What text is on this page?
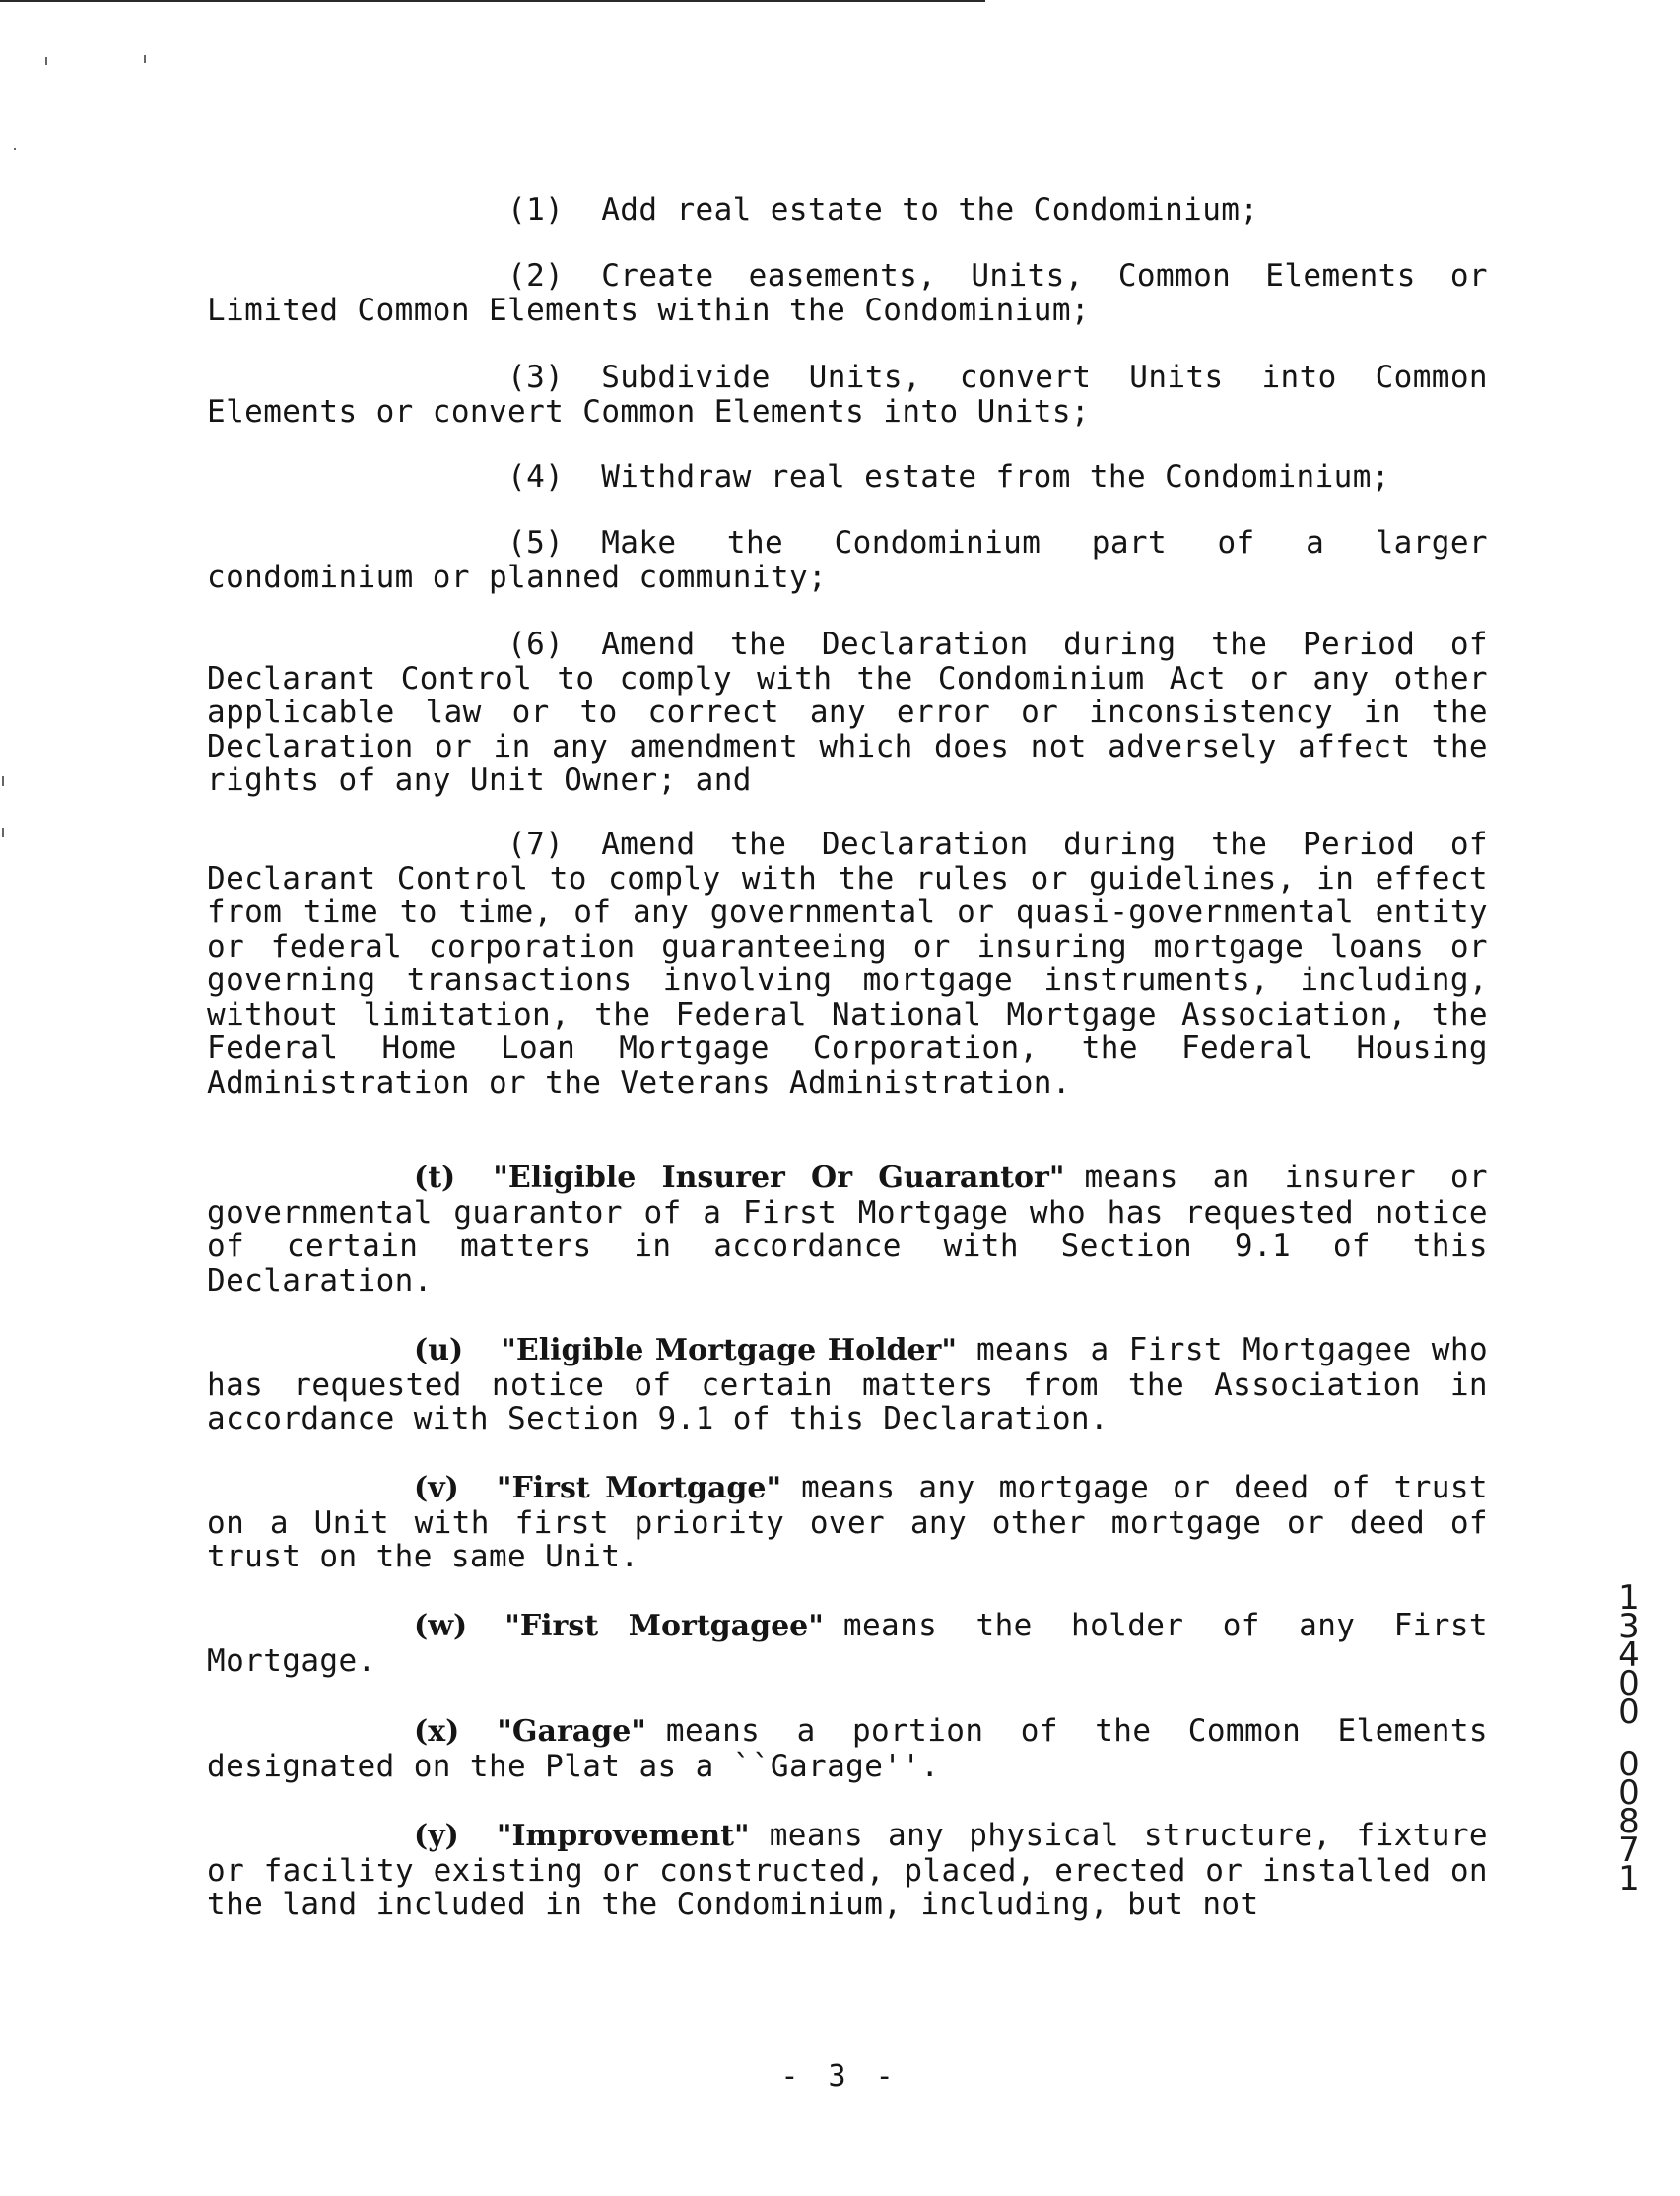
(1) Add real estate to the Condominium;

(2) Create easements, Units, Common Elements or Limited Common Elements within the Condominium;

(3) Subdivide Units, convert Units into Common Elements or convert Common Elements into Units;

(4) Withdraw real estate from the Condominium;

(5) Make the Condominium part of a larger condominium or planned community;

(6) Amend the Declaration during the Period of Declarant Control to comply with the Condominium Act or any other applicable law or to correct any error or inconsistency in the Declaration or in any amendment which does not adversely affect the rights of any Unit Owner; and

(7) Amend the Declaration during the Period of Declarant Control to comply with the rules or guidelines, in effect from time to time, of any governmental or quasi-governmental entity or federal corporation guaranteeing or insuring mortgage loans or governing transactions involving mortgage instruments, including, without limitation, the Federal National Mortgage Association, the Federal Home Loan Mortgage Corporation, the Federal Housing Administration or the Veterans Administration.

(t) "Eligible Insurer Or Guarantor" means an insurer or governmental guarantor of a First Mortgage who has requested notice of certain matters in accordance with Section 9.1 of this Declaration.

(u) "Eligible Mortgage Holder" means a First Mortgagee who has requested notice of certain matters from the Association in accordance with Section 9.1 of this Declaration.

(v) "First Mortgage" means any mortgage or deed of trust on a Unit with first priority over any other mortgage or deed of trust on the same Unit.

(w) "First Mortgagee" means the holder of any First Mortgage.

(x) "Garage" means a portion of the Common Elements designated on the Plat as a ``Garage''.

(y) "Improvement" means any physical structure, fixture or facility existing or constructed, placed, erected or installed on the land included in the Condominium, including, but not

- 3 -
1
3
4
0
0
0
0
8
7
1
